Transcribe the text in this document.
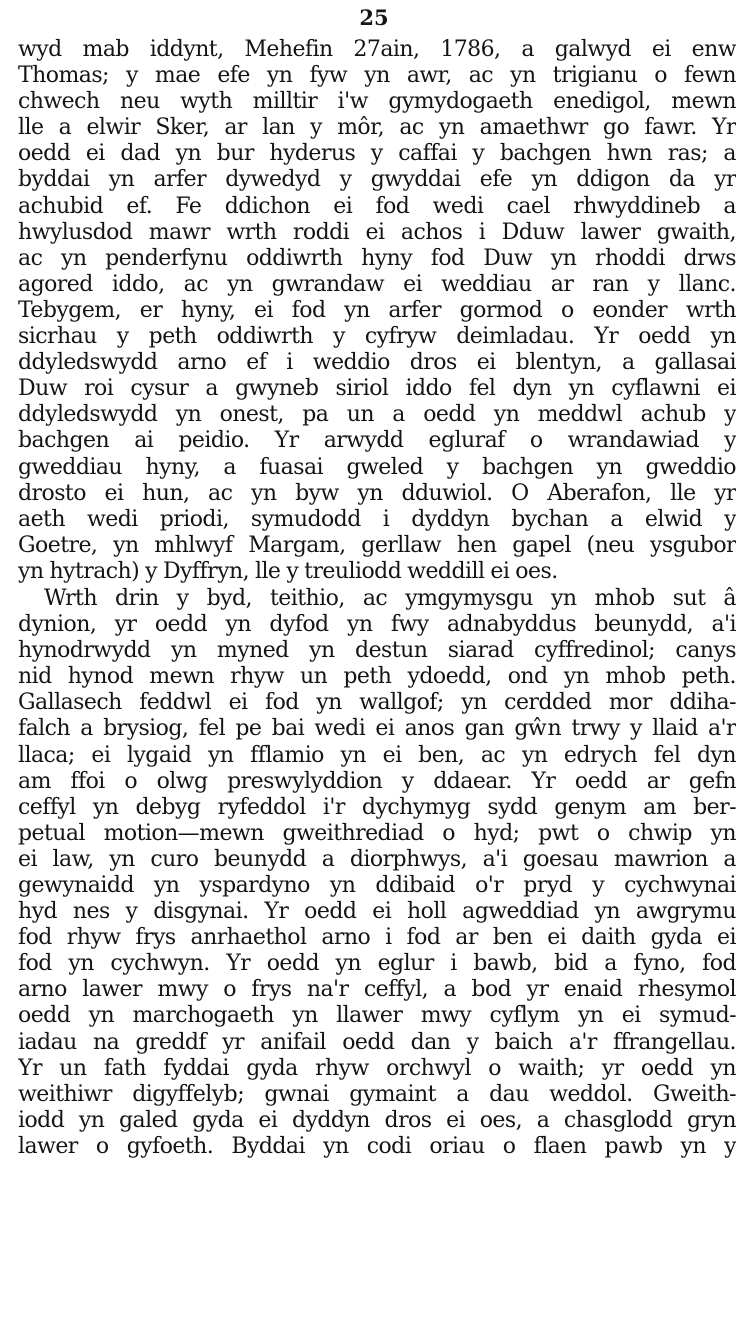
25
wyd mab iddynt, Mehefin 27ain, 1786, a galwyd ei enw
Thomas; y mae efe yn fyw yn awr, ac yn trigianu o fewn
chwech neu wyth milltir i'w gymydogaeth enedigol, mewn
lle a elwir Sker, ar lan y môr, ac yn amaethwr go fawr. Yr
oedd ei dad yn bur hyderus y caffai y bachgen hwn ras; a
byddai yn arfer dywedyd y gwyddai efe yn ddigon da yr
achubid ef. Fe ddichon ei fod wedi cael rhwyddineb a
hwylusdod mawr wrth roddi ei achos i Dduw lawer gwaith,
ac yn penderfynu oddiwrth hyny fod Duw yn rhoddi drws
agored iddo, ac yn gwrandaw ei weddiau ar ran y llanc.
Tebygem, er hyny, ei fod yn arfer gormod o eonder wrth
sicrhau y peth oddiwrth y cyfryw deimladau. Yr oedd yn
ddyledswydd arno ef i weddio dros ei blentyn, a gallasai
Duw roi cysur a gwyneb siriol iddo fel dyn yn cyflawni ei
ddyledswydd yn onest, pa un a oedd yn meddwl achub y
bachgen ai peidio. Yr arwydd egluraf o wrandawiad y
gweddiau hyny, a fuasai gweled y bachgen yn gweddio
drosto ei hun, ac yn byw yn dduwiol. O Aberafon, lle yr
aeth wedi priodi, symudodd i dyddyn bychan a elwid y
Goetre, yn mhlwyf Margam, gerllaw hen gapel (neu ysgubor
yn hytrach) y Dyffryn, lle y treuliodd weddill ei oes.
Wrth drin y byd, teithio, ac ymgymysgu yn mhob sut â
dynion, yr oedd yn dyfod yn fwy adnabyddus beunydd, a'i
hynodrwydd yn myned yn destun siarad cyffredinol; canys
nid hynod mewn rhyw un peth ydoedd, ond yn mhob peth.
Gallasech feddwl ei fod yn wallgof; yn cerdded mor ddiha-
falch a brysiog, fel pe bai wedi ei anos gan gŵn trwy y llaid a'r
llaca; ei lygaid yn fflamio yn ei ben, ac yn edrych fel dyn
am ffoi o olwg preswylyddion y ddaear. Yr oedd ar gefn
ceffyl yn debyg ryfeddol i'r dychymyg sydd genym am ber-
petual motion—mewn gweithrediad o hyd; pwt o chwip yn
ei law, yn curo beunydd a diorphwys, a'i goesau mawrion a
gewynaidd yn yspardyno yn ddibaid o'r pryd y cychwynai
hyd nes y disgynai. Yr oedd ei holl agweddiad yn awgrymu
fod rhyw frys anrhaethol arno i fod ar ben ei daith gyda ei
fod yn cychwyn. Yr oedd yn eglur i bawb, bid a fyno, fod
arno lawer mwy o frys na'r ceffyl, a bod yr enaid rhesymol
oedd yn marchogaeth yn llawer mwy cyflym yn ei symud-
iadau na greddf yr anifail oedd dan y baich a'r ffrangellau.
Yr un fath fyddai gyda rhyw orchwyl o waith; yr oedd yn
weithiwr digyffelyb; gwnai gymaint a dau weddol. Gweith-
iodd yn galed gyda ei dyddyn dros ei oes, a chasglodd gryn
lawer o gyfoeth. Byddai yn codi oriau o flaen pawb yn y
